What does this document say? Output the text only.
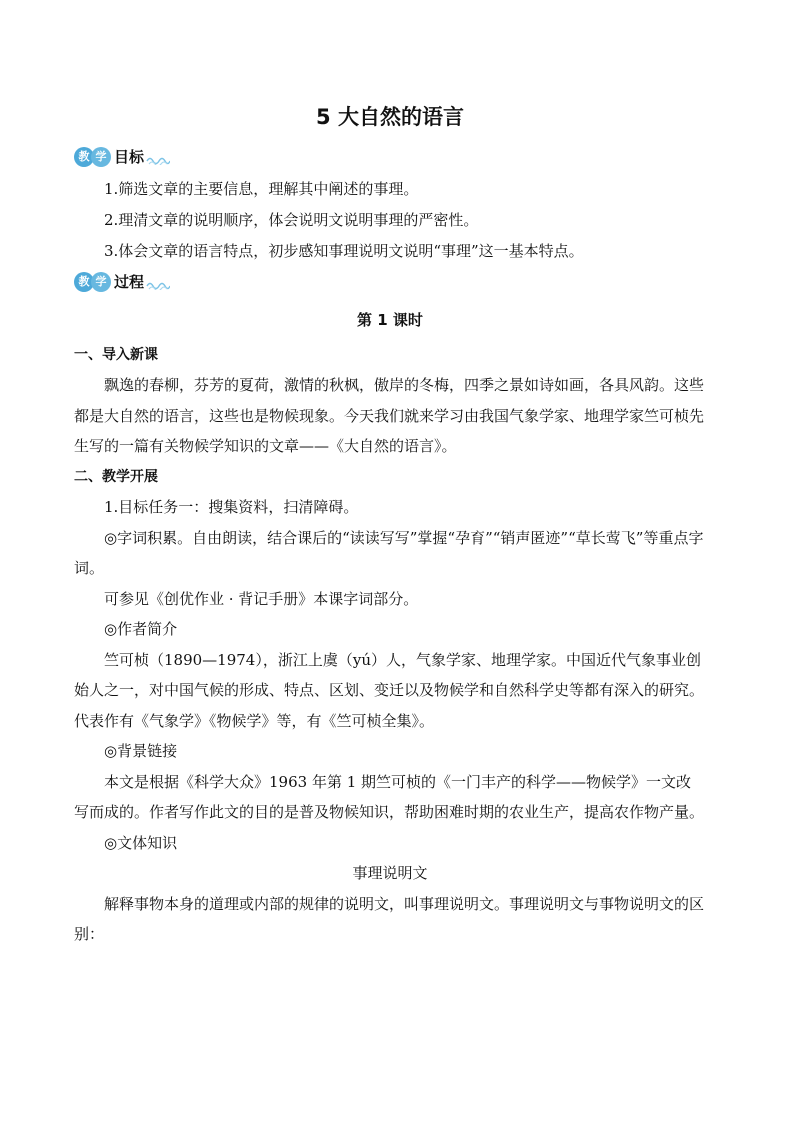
5 大自然的语言
教 学 目标

1.筛选文章的主要信息，理解其中阐述的事理。

2.理清文章的说明顺序，体会说明文说明事理的严密性。

3.体会文章的语言特点，初步感知事理说明文说明“事理”这一基本特点。

教 学 过程
第 1 课时

一、导入新课

飘逸的春柳，芬芳的夏荷，激情的秋枫，傲岸的冬梅，四季之景如诗如画，各具风韵。这些都是大自然的语言，这些也是物候现象。今天我们就来学习由我国气象学家、地理学家竺可桢先生写的一篇有关物候学知识的文章——《大自然的语言》。

二、教学开展

1.目标任务一：搜集资料，扫清障碍。

◎字词积累。自由朗读，结合课后的“读读写写”掌握“孕育”“销声匿迹”“草长莺飞”等重点字词。

可参见《创优作业 · 背记手册》本课字词部分。

◎作者简介

竺可桢（1890—1974），浙江上虞（yú）人，气象学家、地理学家。中国近代气象事业创始人之一，对中国气候的形成、特点、区划、变迁以及物候学和自然科学史等都有深入的研究。代表作有《气象学》《物候学》等，有《竺可桢全集》。

◎背景链接

本文是根据《科学大众》1963 年第 1 期竺可桢的《一门丰产的科学——物候学》一文改写而成的。作者写作此文的目的是普及物候知识，帮助困难时期的农业生产，提高农作物产量。

◎文体知识

事理说明文

解释事物本身的道理或内部的规律的说明文，叫事理说明文。事理说明文与事物说明文的区别：
